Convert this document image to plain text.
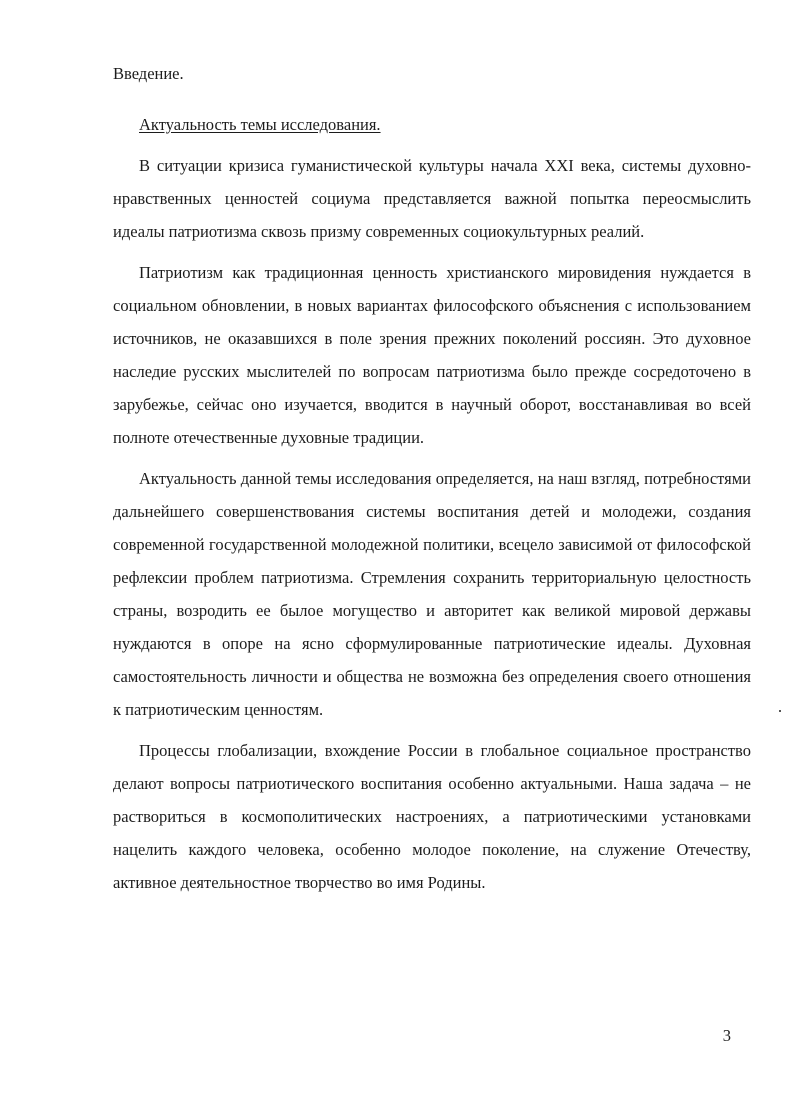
Введение.
Актуальность темы исследования.

В ситуации кризиса гуманистической культуры начала XXI века, системы духовно-нравственных ценностей социума представляется важной попытка переосмыслить идеалы патриотизма сквозь призму современных социокультурных реалий.

Патриотизм как традиционная ценность христианского мировидения нуждается в социальном обновлении, в новых вариантах философского объяснения с использованием источников, не оказавшихся в поле зрения прежних поколений россиян. Это духовное наследие русских мыслителей по вопросам патриотизма было прежде сосредоточено в зарубежье, сейчас оно изучается, вводится в научный оборот, восстанавливая во всей полноте отечественные духовные традиции.

Актуальность данной темы исследования определяется, на наш взгляд, потребностями дальнейшего совершенствования системы воспитания детей и молодежи, создания современной государственной молодежной политики, всецело зависимой от философской рефлексии проблем патриотизма. Стремления сохранить территориальную целостность страны, возродить ее былое могущество и авторитет как великой мировой державы нуждаются в опоре на ясно сформулированные патриотические идеалы. Духовная самостоятельность личности и общества не возможна без определения своего отношения к патриотическим ценностям.

Процессы глобализации, вхождение России в глобальное социальное пространство делают вопросы патриотического воспитания особенно актуальными. Наша задача – не раствориться в космополитических настроениях, а патриотическими установками нацелить каждого человека, особенно молодое поколение, на служение Отечеству, активное деятельностное творчество во имя Родины.

3
